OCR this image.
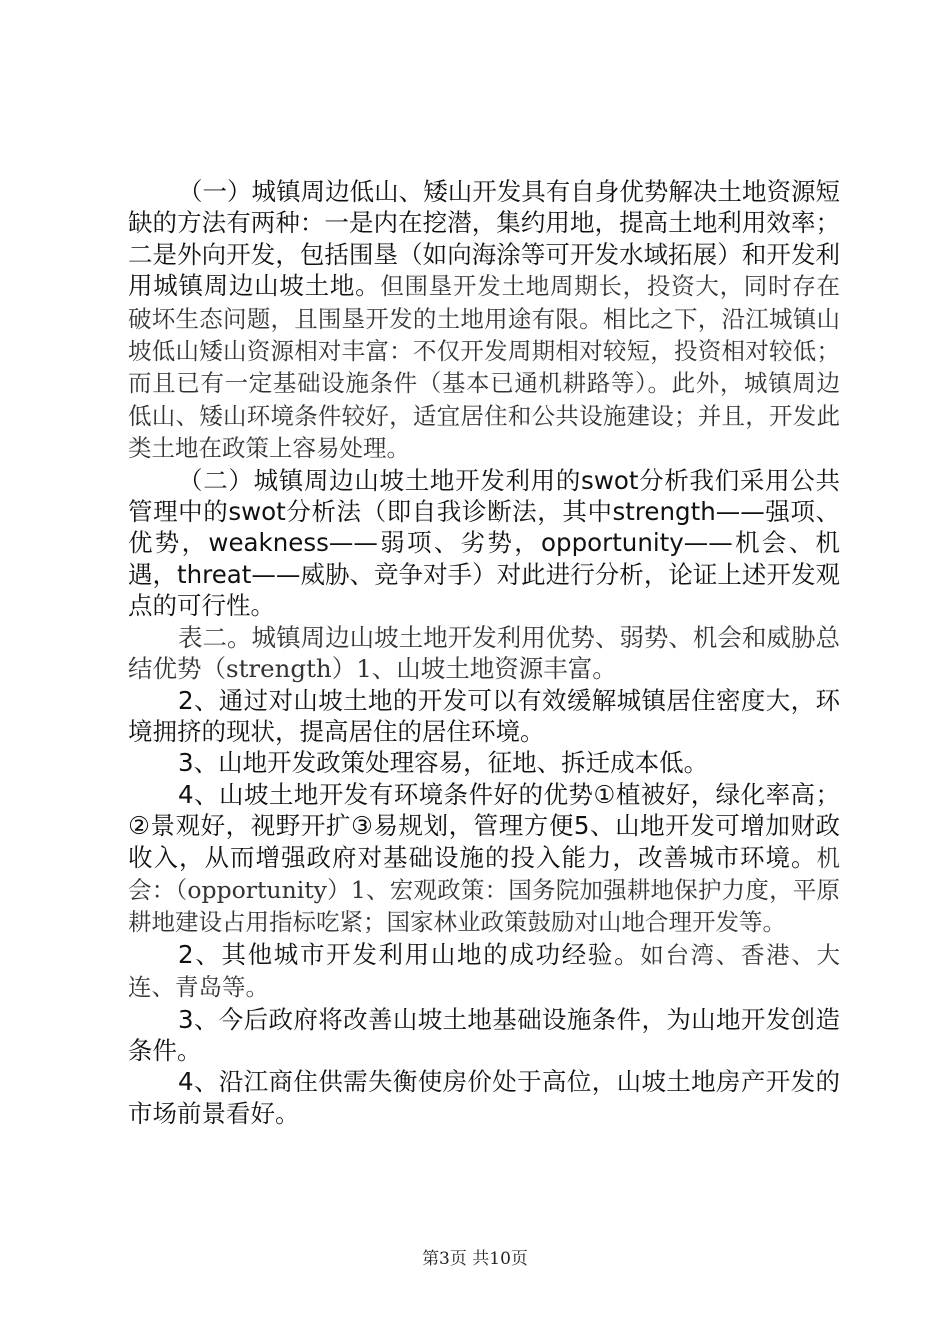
（一）城镇周边低山、矮山开发具有自身优势解决土地资源短缺的方法有两种：一是内在挖潜，集约用地，提高土地利用效率；二是外向开发，包括围垦（如向海涂等可开发水域拓展）和开发利用城镇周边山坡土地。但围垦开发土地周期长，投资大，同时存在破坏生态问题，且围垦开发的土地用途有限。相比之下，沿江城镇山坡低山矮山资源相对丰富：不仅开发周期相对较短，投资相对较低；而且已有一定基础设施条件（基本已通机耕路等）。此外，城镇周边低山、矮山环境条件较好，适宜居住和公共设施建设；并且，开发此类土地在政策上容易处理。

（二）城镇周边山坡土地开发利用的swot分析我们采用公共管理中的swot分析法（即自我诊断法，其中strength——强项、优势，weakness——弱项、劣势，opportunity——机会、机遇，threat——威胁、竞争对手）对此进行分析，论证上述开发观点的可行性。

表二。城镇周边山坡土地开发利用优势、弱势、机会和威胁总结优势（strength）1、山坡土地资源丰富。

2、通过对山坡土地的开发可以有效缓解城镇居住密度大，环境拥挤的现状，提高居住的居住环境。

3、山地开发政策处理容易，征地、拆迁成本低。

4、山坡土地开发有环境条件好的优势①植被好，绿化率高；②景观好，视野开扩③易规划，管理方便5、山地开发可增加财政收入，从而增强政府对基础设施的投入能力，改善城市环境。机会：（opportunity）1、宏观政策：国务院加强耕地保护力度，平原耕地建设占用指标吃紧；国家林业政策鼓励对山地合理开发等。

2、其他城市开发利用山地的成功经验。如台湾、香港、大连、青岛等。

3、今后政府将改善山坡土地基础设施条件，为山地开发创造条件。

4、沿江商住供需失衡使房价处于高位，山坡土地房产开发的市场前景看好。

第3页 共10页
